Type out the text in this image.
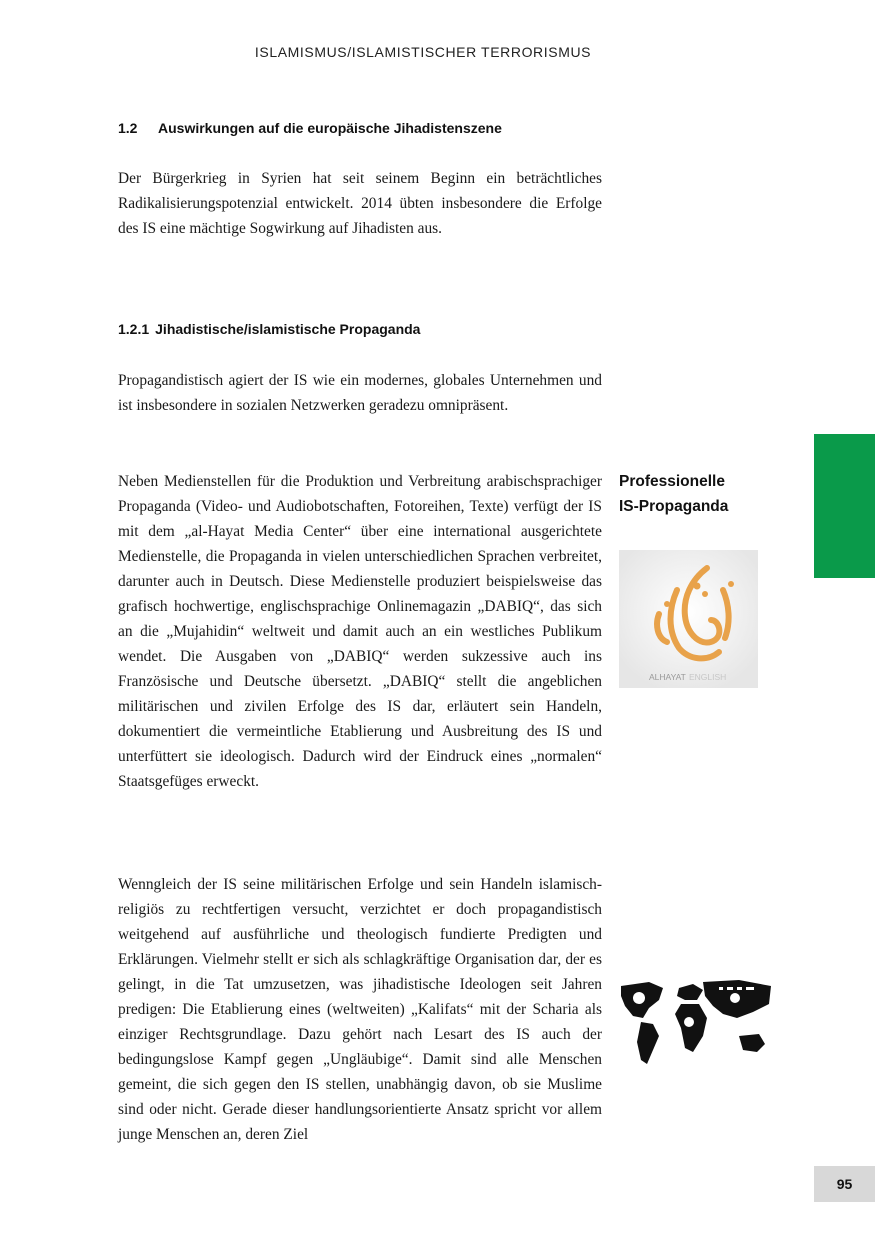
ISLAMISMUS/ISLAMISTISCHER TERRORISMUS
1.2 Auswirkungen auf die europäische Jihadistenszene

Der Bürgerkrieg in Syrien hat seit seinem Beginn ein beträchtliches Radikalisierungspotenzial entwickelt. 2014 übten insbesondere die Erfolge des IS eine mächtige Sogwirkung auf Jihadisten aus.

1.2.1 Jihadistische/islamistische Propaganda

Propagandistisch agiert der IS wie ein modernes, globales Unternehmen und ist insbesondere in sozialen Netzwerken geradezu omnipräsent.

Neben Medienstellen für die Produktion und Verbreitung arabischsprachiger Propaganda (Video- und Audiobotschaften, Fotoreihen, Texte) verfügt der IS mit dem „al-Hayat Media Center“ über eine international ausgerichtete Medienstelle, die Propaganda in vielen unterschiedlichen Sprachen verbreitet, darunter auch in Deutsch. Diese Medienstelle produziert beispielsweise das grafisch hochwertige, englischsprachige Onlinemagazin „DABIQ“, das sich an die „Mujahidin“ weltweit und damit auch an ein westliches Publikum wendet. Die Ausgaben von „DABIQ“ werden sukzessive auch ins Französische und Deutsche übersetzt. „DABIQ“ stellt die angeblichen militärischen und zivilen Erfolge des IS dar, erläutert sein Handeln, dokumentiert die vermeintliche Etablierung und Ausbreitung des IS und unterfüttert sie ideologisch. Dadurch wird der Eindruck eines „normalen“ Staatsgefüges erweckt.

Wenngleich der IS seine militärischen Erfolge und sein Handeln islamisch-religiös zu rechtfertigen versucht, verzichtet er doch propagandistisch weitgehend auf ausführliche und theologisch fundierte Predigten und Erklärungen. Vielmehr stellt er sich als schlagkräftige Organisation dar, der es gelingt, in die Tat umzusetzen, was jihadistische Ideologen seit Jahren predigen: Die Etablierung eines (weltweiten) „Kalifats“ mit der Scharia als einziger Rechtsgrundlage. Dazu gehört nach Lesart des IS auch der bedingungslose Kampf gegen „Ungläubige“. Damit sind alle Menschen gemeint, die sich gegen den IS stellen, unabhängig davon, ob sie Muslime sind oder nicht. Gerade dieser handlungsorientierte Ansatz spricht vor allem junge Menschen an, deren Ziel

Professionelle
IS-Propaganda
ALHAYAT ENGLISH
95
